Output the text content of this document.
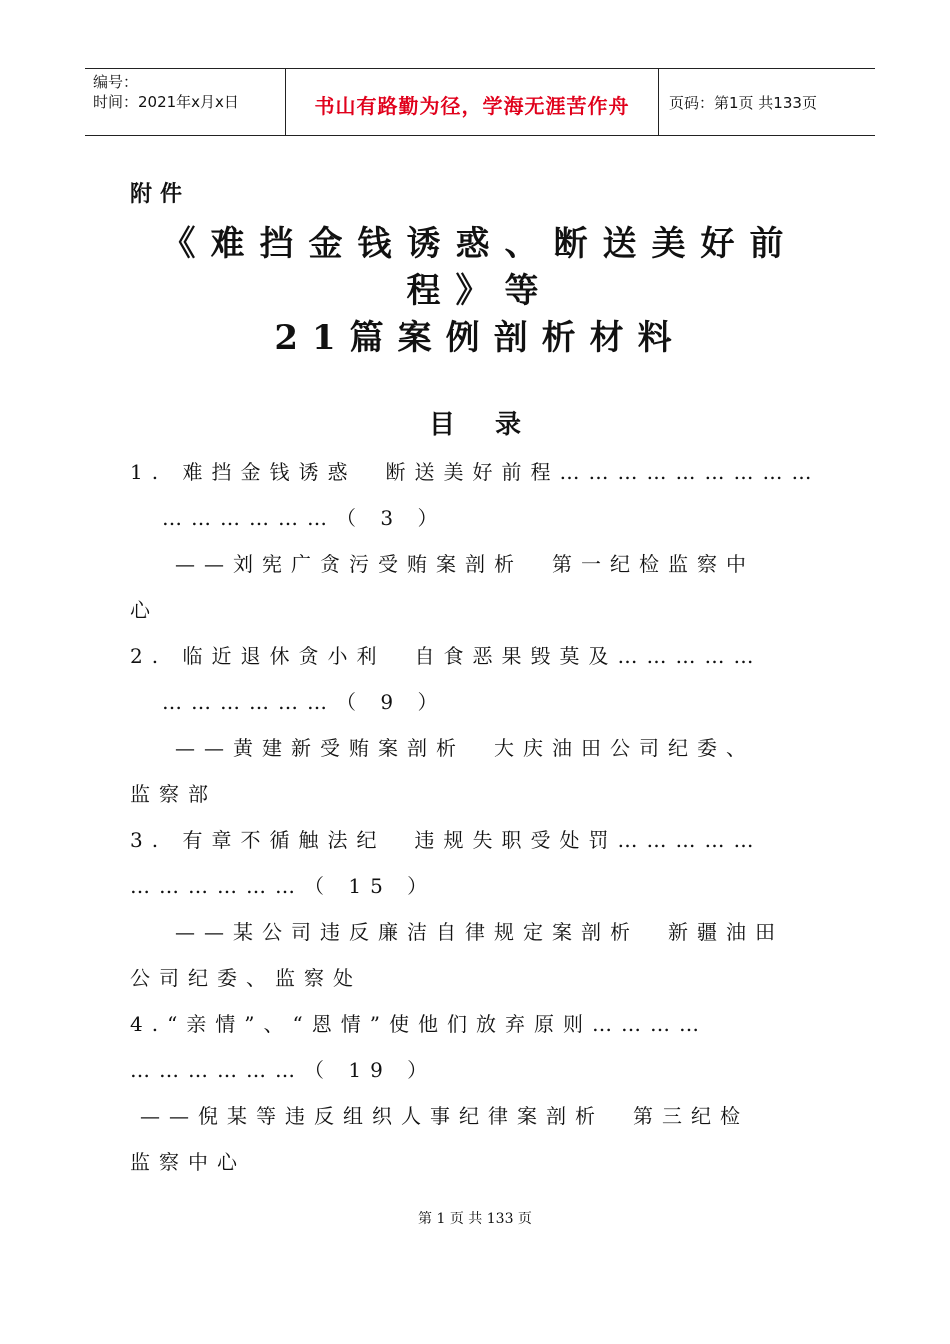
编号：
时间：2021年x月x日	书山有路勤为径，学海无涯苦作舟	页码：第1页 共133页
附件
《难挡金钱诱惑、断送美好前
程》等
21篇案例剖析材料
目录
1. 难挡金钱诱惑　断送美好前程………………………
………………（ 3 ）
——刘宪广贪污受贿案剖析　第一纪检监察中
心
2. 临近退休贪小利　自食恶果毁莫及……………
………………（ 9 ）
——黄建新受贿案剖析　大庆油田公司纪委、
监察部
3. 有章不循触法纪　违规失职受处罚……………
………………（ 15 ）
——某公司违反廉洁自律规定案剖析　新疆油田
公司纪委、监察处
4.“亲情”、“恩情”使他们放弃原则…………
………………（ 19 ）
——倪某等违反组织人事纪律案剖析　第三纪检
监察中心
第 1 页 共 133 页
